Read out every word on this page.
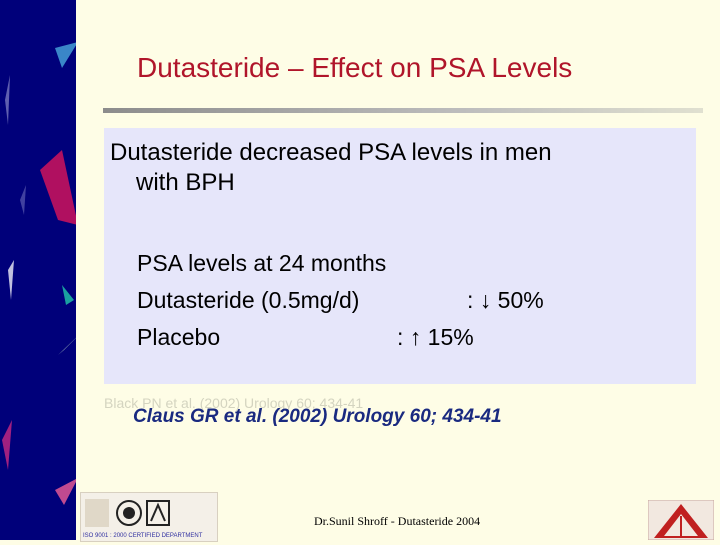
Dutasteride – Effect on PSA Levels
Dutasteride decreased PSA levels in men
with BPH
PSA levels at 24 months
Dutasteride (0.5mg/d)	: ↓ 50%
Placebo	: ↑ 15%
Black PN et al. (2002) Urology 60; 434-41
Claus GR et al. (2002) Urology 60; 434-41
ISO 9001 : 2000 CERTIFIED DEPARTMENT
Dr.Sunil Shroff - Dutasteride 2004
